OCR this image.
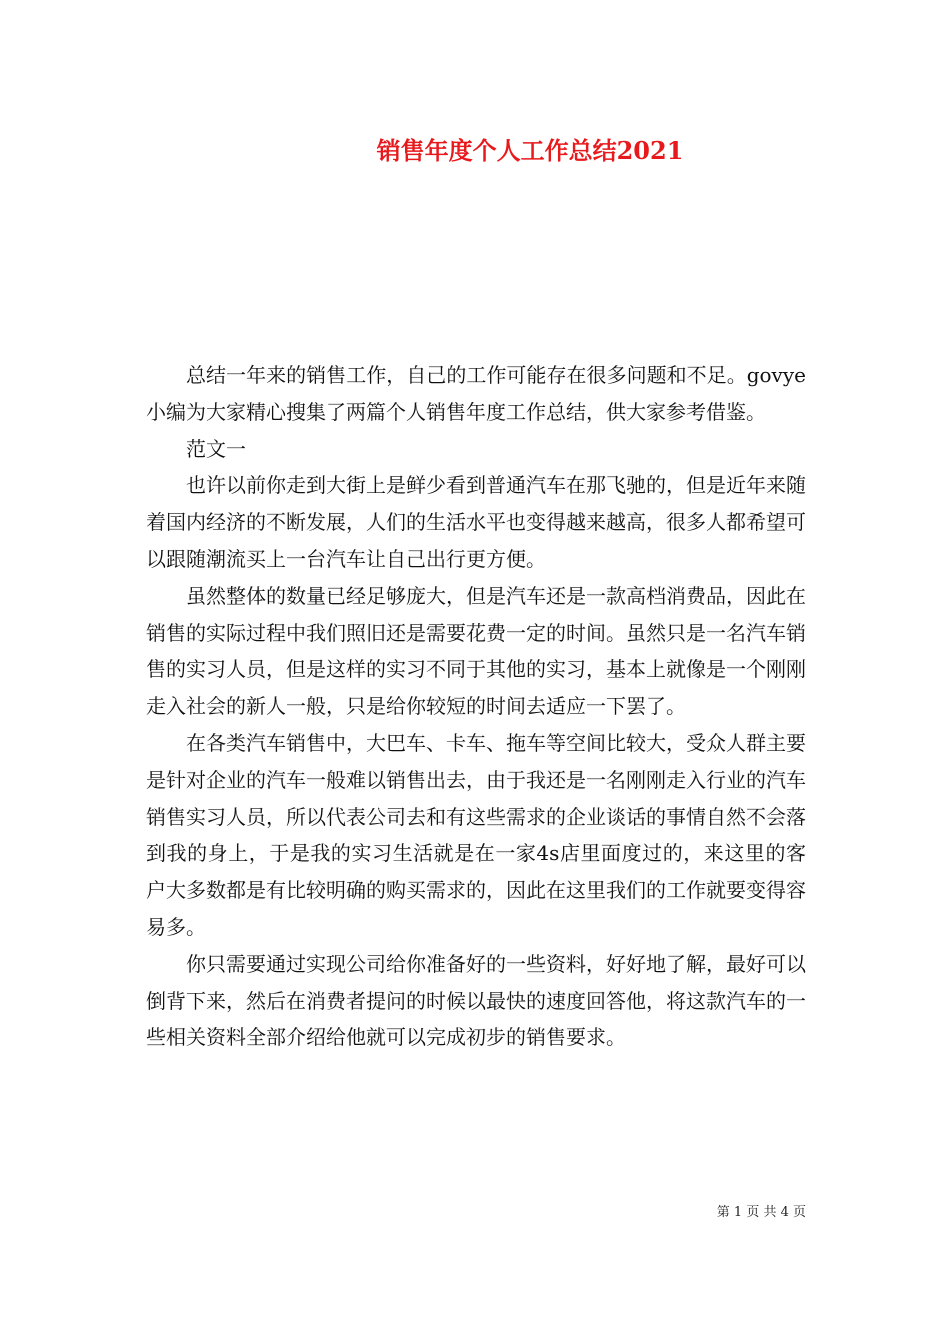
销售年度个人工作总结2021

总结一年来的销售工作，自己的工作可能存在很多问题和不足。govye小编为大家精心搜集了两篇个人销售年度工作总结，供大家参考借鉴。

范文一

也许以前你走到大街上是鲜少看到普通汽车在那飞驰的，但是近年来随着国内经济的不断发展，人们的生活水平也变得越来越高，很多人都希望可以跟随潮流买上一台汽车让自己出行更方便。

虽然整体的数量已经足够庞大，但是汽车还是一款高档消费品，因此在销售的实际过程中我们照旧还是需要花费一定的时间。虽然只是一名汽车销售的实习人员，但是这样的实习不同于其他的实习，基本上就像是一个刚刚走入社会的新人一般，只是给你较短的时间去适应一下罢了。

在各类汽车销售中，大巴车、卡车、拖车等空间比较大，受众人群主要是针对企业的汽车一般难以销售出去，由于我还是一名刚刚走入行业的汽车销售实习人员，所以代表公司去和有这些需求的企业谈话的事情自然不会落到我的身上，于是我的实习生活就是在一家4s店里面度过的，来这里的客户大多数都是有比较明确的购买需求的，因此在这里我们的工作就要变得容易多。

你只需要通过实现公司给你准备好的一些资料，好好地了解，最好可以倒背下来，然后在消费者提问的时候以最快的速度回答他，将这款汽车的一些相关资料全部介绍给他就可以完成初步的销售要求。

第 1 页 共 4 页
